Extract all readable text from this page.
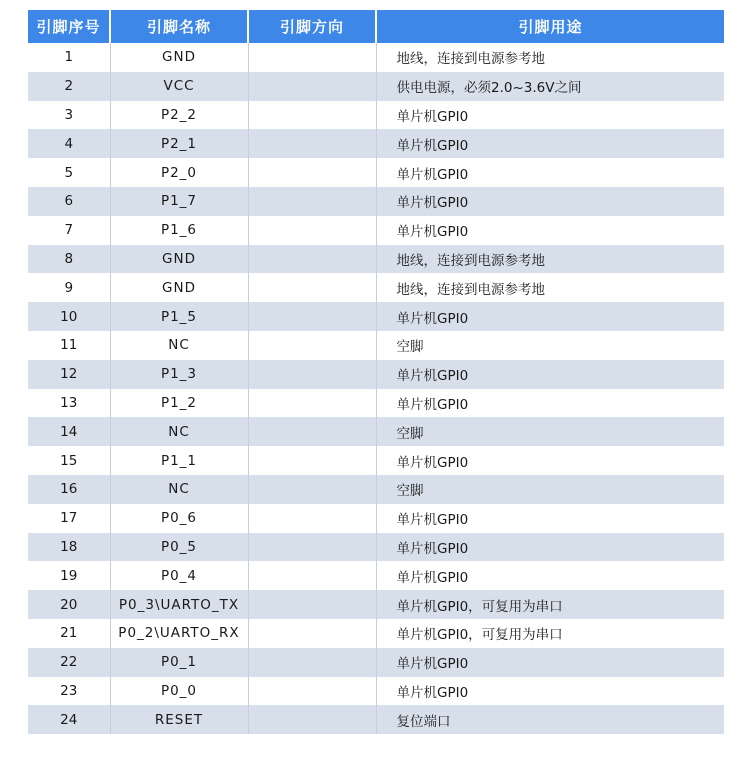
引脚序号	引脚名称	引脚方向	引脚用途
1	GND		地线，连接到电源参考地
2	VCC		供电电源，必须2.0~3.6V之间
3	P2_2		单片机GPI0
4	P2_1		单片机GPI0
5	P2_0		单片机GPI0
6	P1_7		单片机GPI0
7	P1_6		单片机GPI0
8	GND		地线，连接到电源参考地
9	GND		地线，连接到电源参考地
10	P1_5		单片机GPI0
11	NC		空脚
12	P1_3		单片机GPI0
13	P1_2		单片机GPI0
14	NC		空脚
15	P1_1		单片机GPI0
16	NC		空脚
17	P0_6		单片机GPI0
18	P0_5		单片机GPI0
19	P0_4		单片机GPI0
20	P0_3\UARTO_TX		单片机GPI0，可复用为串口
21	P0_2\UARTO_RX		单片机GPI0，可复用为串口
22	P0_1		单片机GPI0
23	P0_0		单片机GPI0
24	RESET		复位端口
